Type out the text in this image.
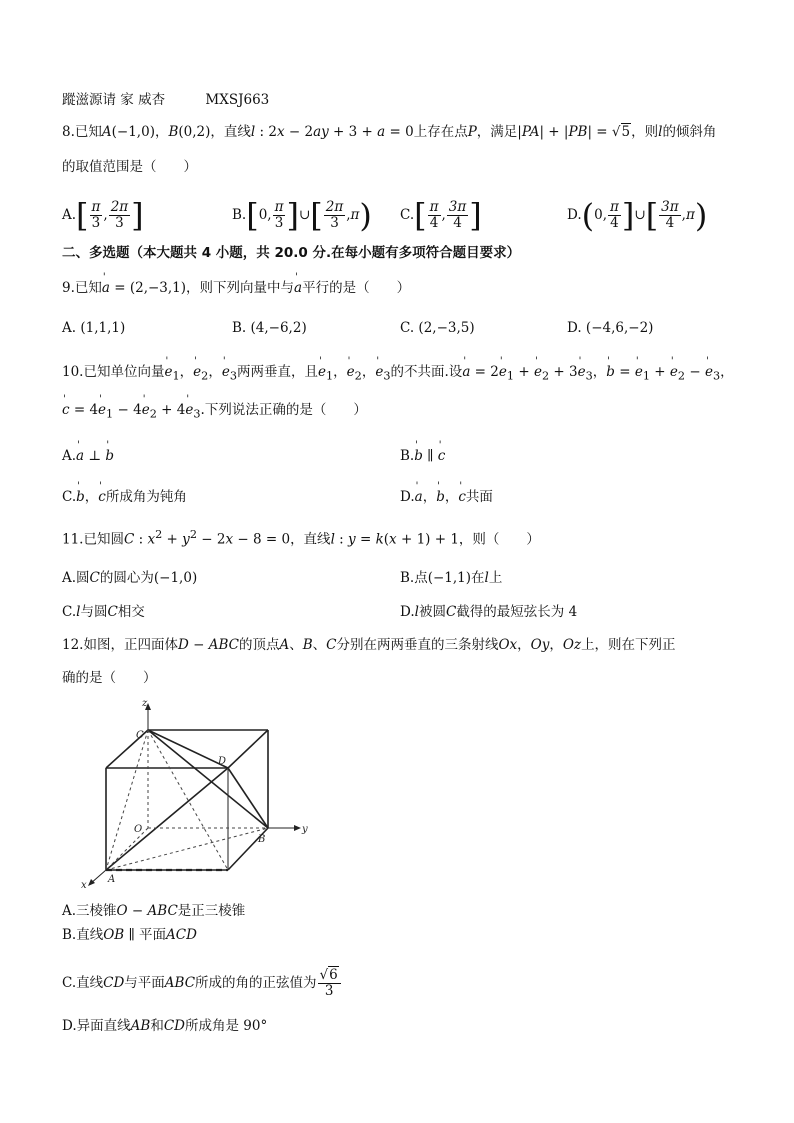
蹤滋源请 家 威杏	MXSJ663
8.已知A(−1,0)，B(0,2)，直线l : 2x − 2ay + 3 + a = 0上存在点P，满足|PA| + |PB| = √5，则l的倾斜角
的取值范围是（　　）
$A.[ \frac{\pi}{3}$ , $\frac{2\pi}{3}$ ]	B.[0, $\frac{\pi}{3}$ ]∪[ $\frac{2\pi}{3} ,\pi$) $C.[ \frac{\pi}{4}$ , $\frac{3\pi}{4}$ ]	D.(0, $\frac{\pi}{4}$ ]∪[ $\frac{3\pi}{4} ,\pi$)
二、多选题（本大题共 4 小题，共 20.0 分.在每小题有多项符合题目要求）
9.已知' a = (2,−3,1)，则下列向量中与' a平行的是（　　）
A. (1,1,1)	B. (4,−6,2)	C. (2,−3,5)	D. (−4,6,−2)
10.已知单位向量' $e_1$，' $e_2$，' $e_3$两两垂直，且' $e_1$，' $e_2$，' $e_3$的不共面.设' a = 2' $e_1$ + ' $e_2 + 3'$ $e_3$，' b = ' $e_1$ + ' $e_2$ − ' $e_3$，
' c = 4' $e_1 - 4'$ $e_2 + 4'$ $e_3$.下列说法正确的是（　　）
A.' a ⊥ ' b	B.' b ∥ ' c
C.' b，' c所成角为钝角	D.' a，' b，' c共面
11.已知圆C : $x^2 + y^2 - 2x - 8 = 0$，直线l : y = k(x + 1) + 1，则（　　）
A.圆C的圆心为(−1,0)	B.点(−1,1)在l上
C.l与圆C相交	D.l被圆C截得的最短弦长为 4
12.如图，正四面体D − ABC的顶点A、B、C分别在两两垂直的三条射线Ox，Oy，Oz上，则在下列正
确的是（　　）
z
y
x
C
D
O
A
B
A.三棱锥O − ABC是正三棱锥
B.直线OB ∥ 平面ACD
C.直线CD与平面ABC所成的角的正弦值为 $\frac{√6}{3}$
D.异面直线AB和CD所成角是 90°
